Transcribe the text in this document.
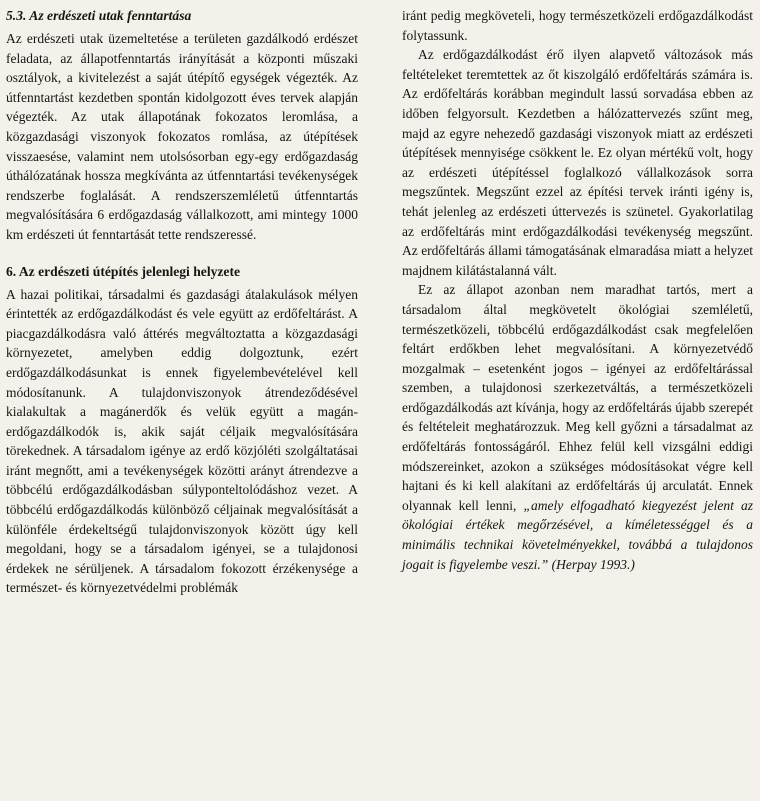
5.3. Az erdészeti utak fenntartása

Az erdészeti utak üzemeltetése a területen gazdálkodó erdészet feladata, az állapotfenntartás irányítását a központi műszaki osztályok, a kivitelezést a saját útépítő egységek végezték. Az útfenntartást kezdetben spontán kidolgozott éves tervek alapján végezték. Az utak állapotának fokozatos leromlása, a közgazdasági viszonyok fokozatos romlása, az útépítések visszaesése, valamint nem utolsósorban egy-egy erdőgazdaság úthálózatának hossza megkívánta az útfenntartási tevékenységek rendszerbe foglalását. A rendszerszemléletű útfenntartás megvalósítására 6 erdőgazdaság vállalkozott, ami mintegy 1000 km erdészeti út fenntartását tette rendszeressé.

6. Az erdészeti útépítés jelenlegi helyzete

A hazai politikai, társadalmi és gazdasági átalakulások mélyen érintették az erdőgazdálkodást és vele együtt az erdőfeltárást. A piacgazdálkodásra való áttérés megváltoztatta a közgazdasági környezetet, amelyben eddig dolgoztunk, ezért erdőgazdálkodásunkat is ennek figyelembevételével kell módosítanunk. A tulajdonviszonyok átrendeződésével kialakultak a magánerdők és velük együtt a magán-erdőgazdálkodók is, akik saját céljaik megvalósítására törekednek. A társadalom igénye az erdő közjóléti szolgáltatásai iránt megnőtt, ami a tevékenységek közötti arányt átrendezve a többcélú erdőgazdálkodásban súlyponteltolódáshoz vezet. A többcélú erdőgazdálkodás különböző céljainak megvalósítását a különféle érdekeltségű tulajdonviszonyok között úgy kell megoldani, hogy se a társadalom igényei, se a tulajdonosi érdekek ne sérüljenek. A társadalom fokozott érzékenysége a természet- és környezetvédelmi problémák

iránt pedig megköveteli, hogy természetközeli erdőgazdálkodást folytassunk.

Az erdőgazdálkodást érő ilyen alapvető változások más feltételeket teremtettek az őt kiszolgáló erdőfeltárás számára is. Az erdőfeltárás korábban megindult lassú sorvadása ebben az időben felgyorsult. Kezdetben a hálózattervezés szűnt meg, majd az egyre nehezedő gazdasági viszonyok miatt az erdészeti útépítések mennyisége csökkent le. Ez olyan mértékű volt, hogy az erdészeti útépítéssel foglalkozó vállalkozások sorra megszűntek. Megszűnt ezzel az építési tervek iránti igény is, tehát jelenleg az erdészeti úttervezés is szünetel. Gyakorlatilag az erdőfeltárás mint erdőgazdálkodási tevékenység megszűnt. Az erdőfeltárás állami támogatásának elmaradása miatt a helyzet majdnem kilátástalanná vált.

Ez az állapot azonban nem maradhat tartós, mert a társadalom által megkövetelt ökológiai szemléletű, természetközeli, többcélú erdőgazdálkodást csak megfelelően feltárt erdőkben lehet megvalósítani. A környezetvédő mozgalmak – esetenként jogos – igényei az erdőfeltárással szemben, a tulajdonosi szerkezetváltás, a természetközeli erdőgazdálkodás azt kívánja, hogy az erdőfeltárás újabb szerepét és feltételeit meghatározzuk. Meg kell győzni a társadalmat az erdőfeltárás fontosságáról. Ehhez felül kell vizsgálni eddigi módszereinket, azokon a szükséges módosításokat végre kell hajtani és ki kell alakítani az erdőfeltárás új arculatát. Ennek olyannak kell lenni, „amely elfogadható kiegyezést jelent az ökológiai értékek megőrzésével, a kíméletességgel és a minimális technikai követelményekkel, továbbá a tulajdonos jogait is figyelembe veszi.” (Herpay 1993.)
